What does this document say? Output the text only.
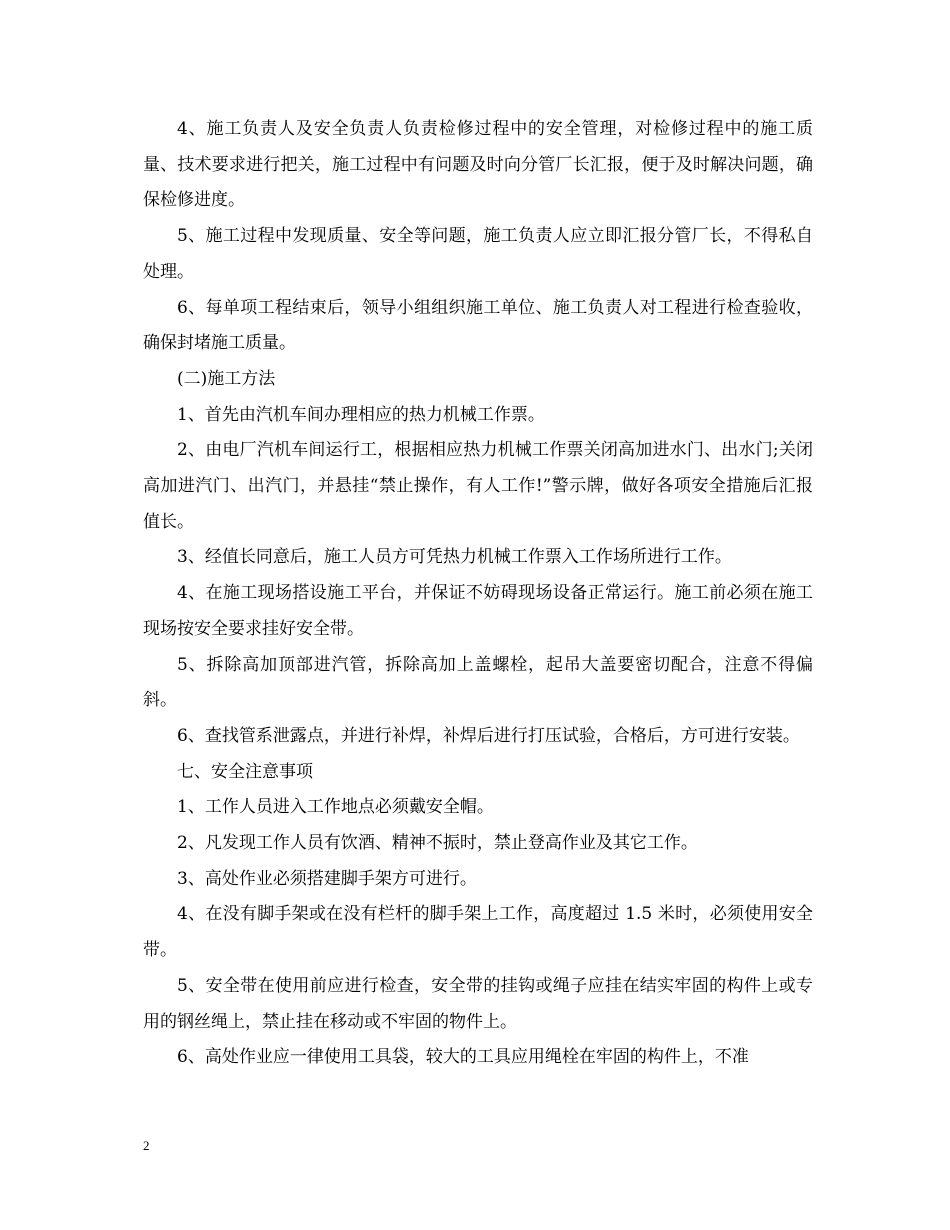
4、施工负责人及安全负责人负责检修过程中的安全管理，对检修过程中的施工质量、技术要求进行把关，施工过程中有问题及时向分管厂长汇报，便于及时解决问题，确保检修进度。

5、施工过程中发现质量、安全等问题，施工负责人应立即汇报分管厂长，不得私自处理。

6、每单项工程结束后，领导小组组织施工单位、施工负责人对工程进行检查验收，确保封堵施工质量。

(二)施工方法

1、首先由汽机车间办理相应的热力机械工作票。

2、由电厂汽机车间运行工，根据相应热力机械工作票关闭高加进水门、出水门;关闭高加进汽门、出汽门，并悬挂“禁止操作，有人工作!”警示牌，做好各项安全措施后汇报值长。

3、经值长同意后，施工人员方可凭热力机械工作票入工作场所进行工作。

4、在施工现场搭设施工平台，并保证不妨碍现场设备正常运行。施工前必须在施工现场按安全要求挂好安全带。

5、拆除高加顶部进汽管，拆除高加上盖螺栓，起吊大盖要密切配合，注意不得偏斜。

6、查找管系泄露点，并进行补焊，补焊后进行打压试验，合格后，方可进行安装。

七、安全注意事项

1、工作人员进入工作地点必须戴安全帽。

2、凡发现工作人员有饮酒、精神不振时，禁止登高作业及其它工作。

3、高处作业必须搭建脚手架方可进行。

4、在没有脚手架或在没有栏杆的脚手架上工作，高度超过 1.5 米时，必须使用安全带。

5、安全带在使用前应进行检查，安全带的挂钩或绳子应挂在结实牢固的构件上或专用的钢丝绳上，禁止挂在移动或不牢固的物件上。

6、高处作业应一律使用工具袋，较大的工具应用绳栓在牢固的构件上，不准

2
